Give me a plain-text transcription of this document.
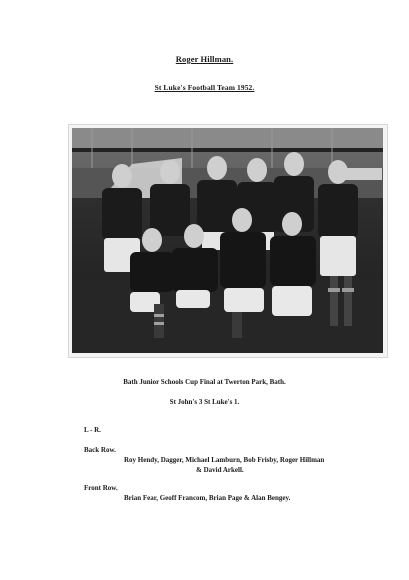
Roger Hillman.
St Luke's Football Team 1952.
Bath Junior Schools Cup Final at Twerton Park, Bath.
St John's 3 St Luke's 1.
L - R.
Back Row.
Roy Hendy, Dagger, Michael Lamburn, Bob Frisby, Roger Hillman
& David Arkell.
Front Row.
Brian Fear, Geoff Francom, Brian Page & Alan Bengey.
